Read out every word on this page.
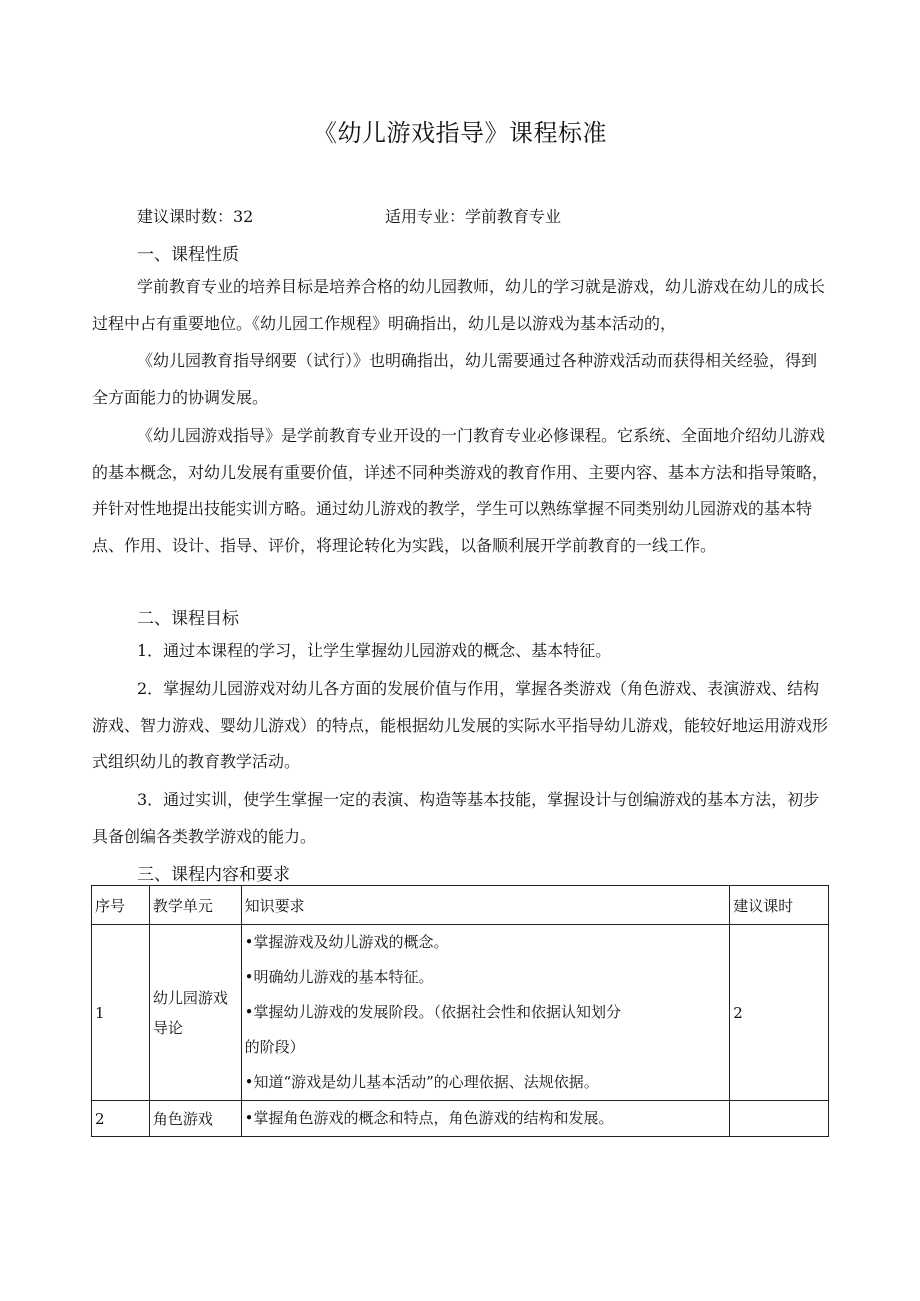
《幼儿游戏指导》课程标准
建议课时数：32	适用专业：学前教育专业
一、课程性质

学前教育专业的培养目标是培养合格的幼儿园教师，幼儿的学习就是游戏，幼儿游戏在幼儿的成长过程中占有重要地位。《幼儿园工作规程》明确指出，幼儿是以游戏为基本活动的，

《幼儿园教育指导纲要（试行）》也明确指出，幼儿需要通过各种游戏活动而获得相关经验，得到全方面能力的协调发展。

《幼儿园游戏指导》是学前教育专业开设的一门教育专业必修课程。它系统、全面地介绍幼儿游戏的基本概念，对幼儿发展有重要价值，详述不同种类游戏的教育作用、主要内容、基本方法和指导策略，并针对性地提出技能实训方略。通过幼儿游戏的教学，学生可以熟练掌握不同类别幼儿园游戏的基本特点、作用、设计、指导、评价，将理论转化为实践，以备顺利展开学前教育的一线工作。

二、课程目标

1．通过本课程的学习，让学生掌握幼儿园游戏的概念、基本特征。

2．掌握幼儿园游戏对幼儿各方面的发展价值与作用，掌握各类游戏（角色游戏、表演游戏、结构游戏、智力游戏、婴幼儿游戏）的特点，能根据幼儿发展的实际水平指导幼儿游戏，能较好地运用游戏形式组织幼儿的教育教学活动。

3．通过实训，使学生掌握一定的表演、构造等基本技能，掌握设计与创编游戏的基本方法，初步具备创编各类教学游戏的能力。

三、课程内容和要求
序号	教学单元	知识要求	建议课时
1	幼儿园游戏导论	•掌握游戏及幼儿游戏的概念。
•明确幼儿游戏的基本特征。
•掌握幼儿游戏的发展阶段。（依据社会性和依据认知划分
的阶段）
•知道“游戏是幼儿基本活动”的心理依据、法规依据。	2
2	角色游戏	•掌握角色游戏的概念和特点，角色游戏的结构和发展。	
